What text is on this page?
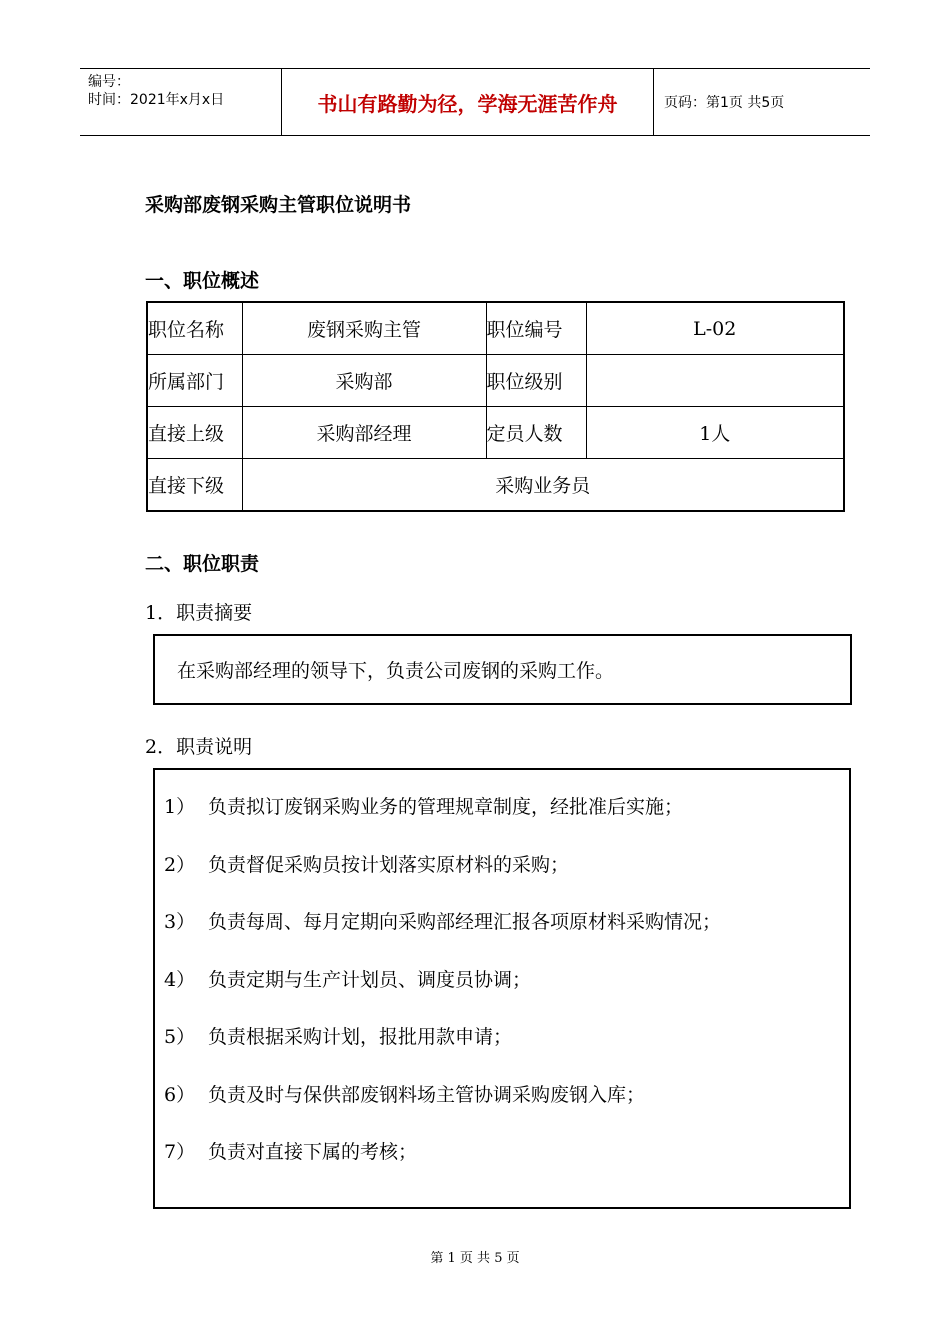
编号：
时间：2021年x月x日	书山有路勤为径，学海无涯苦作舟	页码：第1页 共5页
采购部废钢采购主管职位说明书
一、职位概述
职位名称	废钢采购主管	职位编号	L-02
所属部门	采购部	职位级别	
直接上级	采购部经理	定员人数	1人
直接下级	采购业务员		
二、职位职责
1．职责摘要
在采购部经理的领导下，负责公司废钢的采购工作。
2．职责说明
1） 负责拟订废钢采购业务的管理规章制度，经批准后实施；
2） 负责督促采购员按计划落实原材料的采购；
3） 负责每周、每月定期向采购部经理汇报各项原材料采购情况；
4） 负责定期与生产计划员、调度员协调；
5） 负责根据采购计划，报批用款申请；
6） 负责及时与保供部废钢料场主管协调采购废钢入库；
7） 负责对直接下属的考核；
第 1 页 共 5 页
